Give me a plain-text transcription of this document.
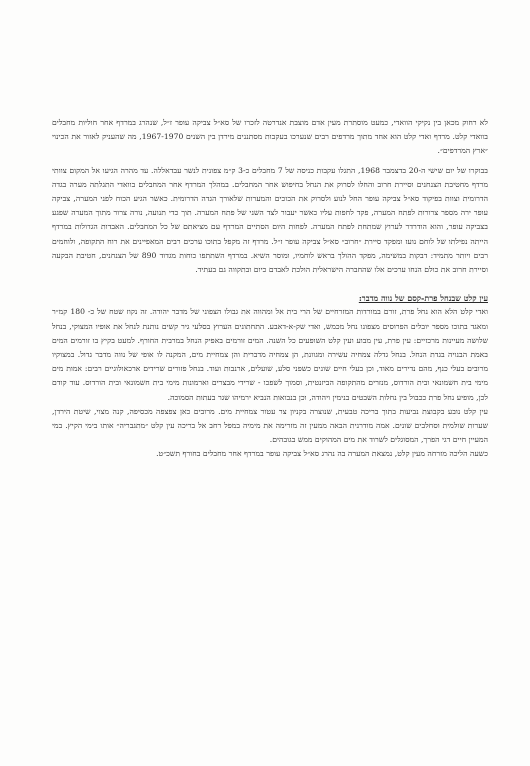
לא רחוק מכאן בין נקיקי הוואדי, כמעט מוסתרת מעין אדם מוצבת אנדרטה לזכרו של סא״ל צביקה עופר ז״ל, שנהרג במרדף אחר חוליות מחבלים בוואדי קלט. מרדף ואדי קלט הוא אחד מתוך מרדפים רבים שנערכו בעקבות מסתננים מירדן בין השנים 1967-1970, מה שהעניק לאזור את הכינוי ״ארץ המרדפים״.

בבוקרו של יום שישי ה-20 בדצמבר 1968, התגלו עקבות כניסה של 7 מחבלים כ-3 ק״מ צפונית לנשר עבדאללה. עד מהרה הגיעו אל המקום צוותי מרדף מחטיבת הצנחנים וסיירת חרוב והחלו לסרוק את הנחל בחיפוש אחר המחבלים. במהלך המרדף אחר המחבלים בוואדי התגלתה מערה בגדה הדרומית וצוות בפיקוד סא״ל צביקה עופר החל לנוע ולסרוק את הכוכים והמערות שלאורך הגדה הדרומית. כאשר הגיע הכוח לפני המערה, צביקה עופר ירה מספר צרורות לפתח המערה, פקד לחפות עליו כאשר יעבור לצד השני של פתח המערה. תוך כדי תנועה, נורה צרור מתוך המערה שפגע בצביקה עופר, והוא הודרדר לערוץ שמתחת לפתח המערה. לפחות היום הסתיים המרדף עם מציאתם של כל המחבלים. האבדות הגדולות במרדף הייתה נפילתו של לוחם נועז ומפקד סיירת ״חרוב״ סא״ל צביקה עופר ז״ל. מרדף זה מקפל בתוכו ערכים רבים המאפיינים את רוח התקופה, ולוחמים רבים ויותר מתמיד: דבקות במשימה, מפקד ההולך בראש לוחמיו, ומוסר השיא. במרדף השתתפו כוחות מגדוד 890 של הצנחנים, חטיבת הבקעה וסיירת חרוב את כולם הנחו ערכים אלו שהחברה הישראלית הולכת לאבדם כיום ובתקווה גם בעתיד.

עין קלט שבנחל פרת-קסם של נווה מדבר:

ואדי קלט הלא הוא נחל פרת, זורם במורדות המזרחיים של הרי בית אל ומהווה את גבולו הצפוני של מדבר יהודה. זה נקוז שטח של כ- 180 קמ״ר ומאגד בתוכו מספר יובלים הפרוסים מצפונו נחל מכמש, ואדי שק-א-דאבע. התחתונים הערוץ בסלעי גיר קשים נותנת לנחל את אופיו המצוקי, בנחל שלושה מעיינות מרכזיים: עין פרת, עין מבוע ועין קלט השופעים כל השנה. המים זורמים באפיק הנחל במרבית החורף. למעט בקיץ בו זורמים המים באמת הבנויה בגדת הנחל. בנחל גדלה צמחיה עשירה ומגוונת, הן צמחיה מדברית והן צמחיית מים, המקנה לו אופי של נווה מדבר גדול. במצוקיו מרובים בעלי כנף, מהם נדירים מאוד, וכן בעלי חיים שונים כשפני סלע, שועלים, ארנבות ועוד. בנחל פזורים שרידים ארכאולוגיים רבים: אמות מים מימי בית חשמונאי ובית הורדוס, מנזרים מהתקופה הביזנטית, וסמוך לשפכו - שרידי מבצרים וארמונות מימי בית חשמונאי ובית הורדוס. עוד קודם לכן, מופיע נחל פרת ככבול בין נחלות השבטים בנימין ויהודה, וכן בנבואות הנביא ירמיהו שגר בעתות הסמוכה.

עין קלט נובע בקבוצת נביעות בתוך בריכה טבעית, שנוצרה בקניון צר עטור צמחיית מים. מרובים כאן צפצפה מכסיפה, קנה מצוי, שיטת הירדן, שערות שולמית וסחלבים שונים. אמה מודרנית הבאה ממעין זה מזרימה את מימיה במפל רחב אל בריכה עין קלט ״מתגבריה״ אותו בימי הקיץ. במי המעיין חיים דגי הפרך, המסוגלים לשרוד את מים המהוקים ממש בגובהים.

כשעה הליכה מזרחה מעין קלט, נמצאת המערה בה נהרג סא״ל צביקה עופר במרדף אחר מחבלים בחורף תשכ״ט.
